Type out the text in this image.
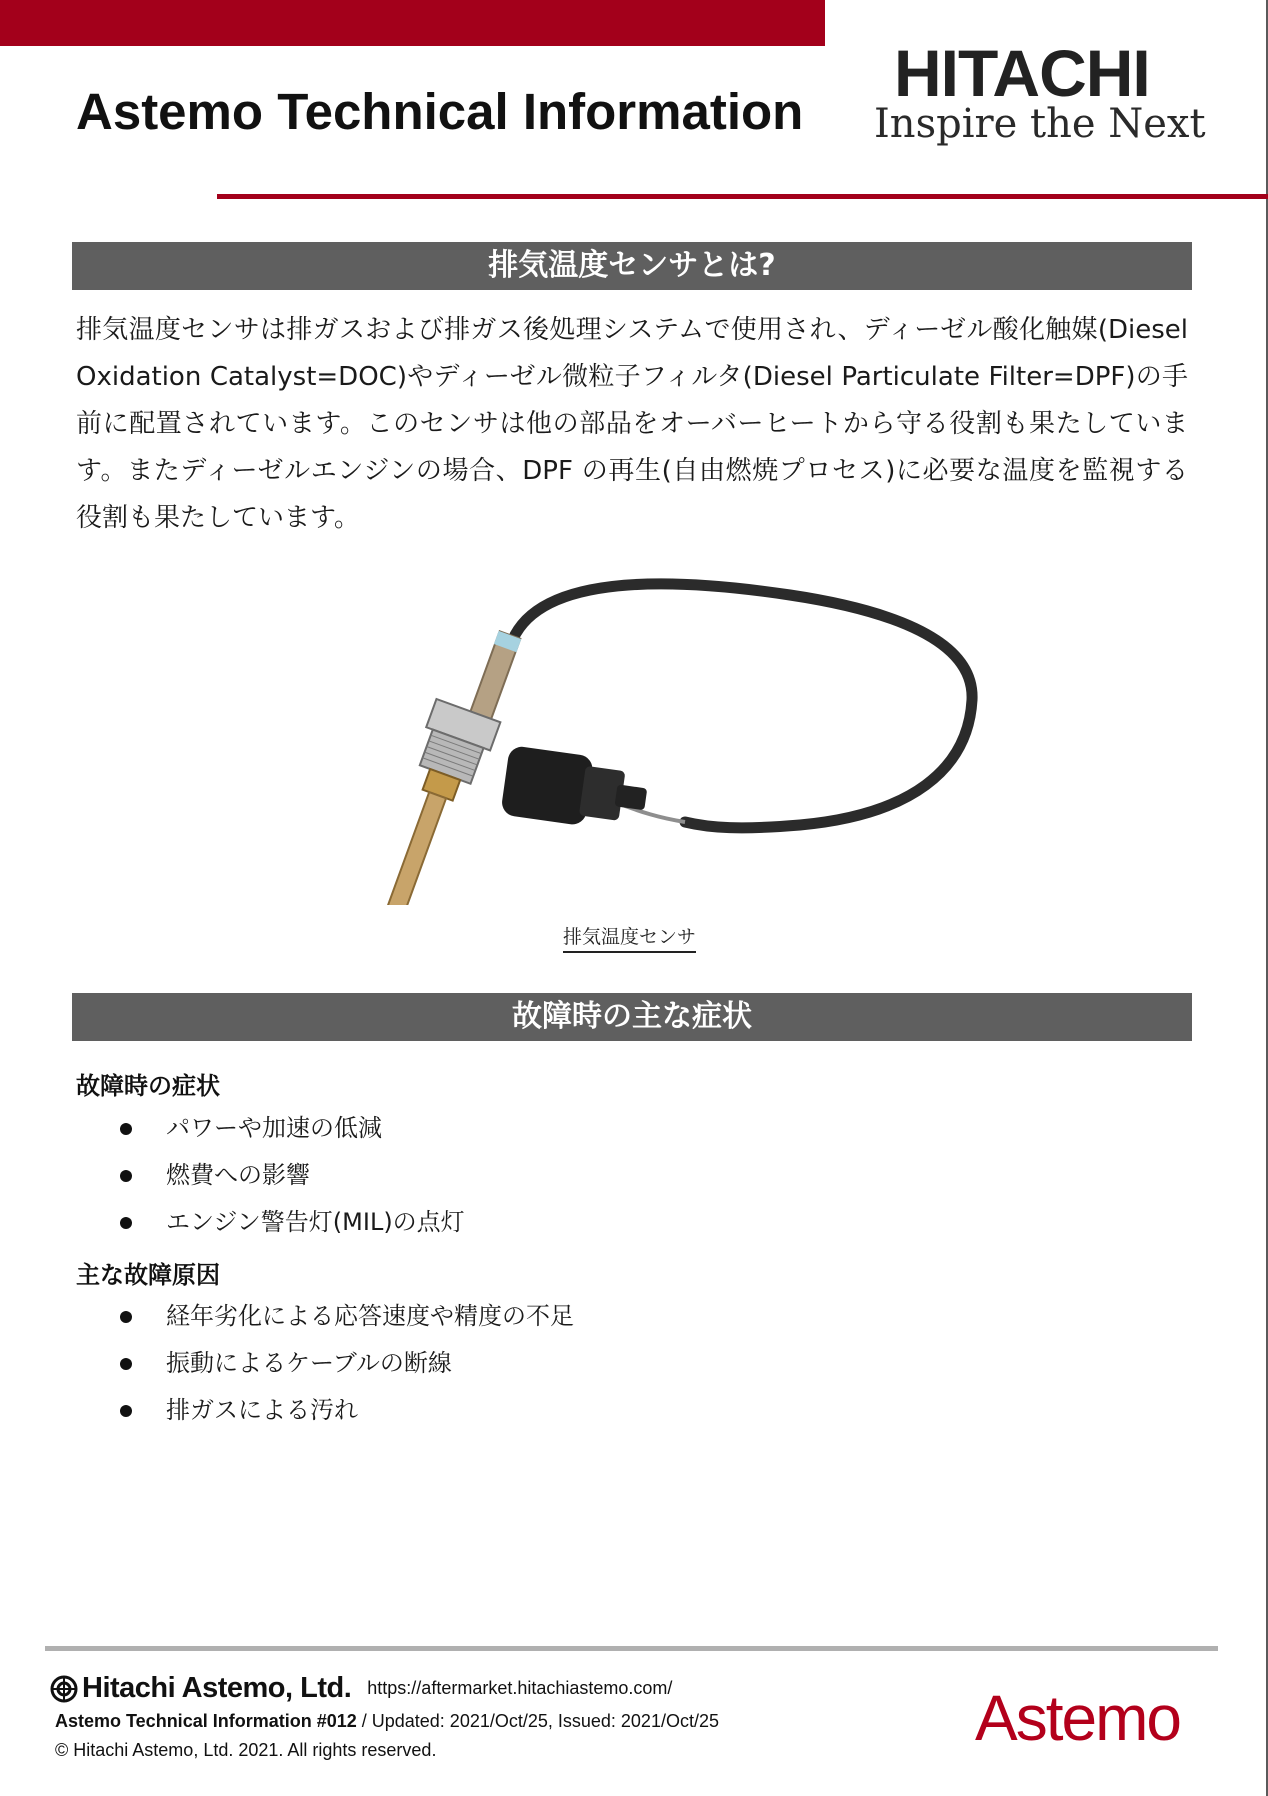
Astemo Technical Information
HITACHI
Inspire the Next
排気温度センサとは?
排気温度センサは排ガスおよび排ガス後処理システムで使用され、ディーゼル酸化触媒(Diesel Oxidation Catalyst=DOC)やディーゼル微粒子フィルタ(Diesel Particulate Filter=DPF)の手前に配置されています。このセンサは他の部品をオーバーヒートから守る役割も果たしています。またディーゼルエンジンの場合、DPF の再生(自由燃焼プロセス)に必要な温度を監視する役割も果たしています。
排気温度センサ
故障時の主な症状
故障時の症状
パワーや加速の低減
燃費への影響
エンジン警告灯(MIL)の点灯
主な故障原因
経年劣化による応答速度や精度の不足
振動によるケーブルの断線
排ガスによる汚れ
Hitachi Astemo, Ltd. https://aftermarket.hitachiastemo.com/
Astemo Technical Information #012 / Updated: 2021/Oct/25, Issued: 2021/Oct/25
© Hitachi Astemo, Ltd. 2021. All rights reserved.	Astemo
